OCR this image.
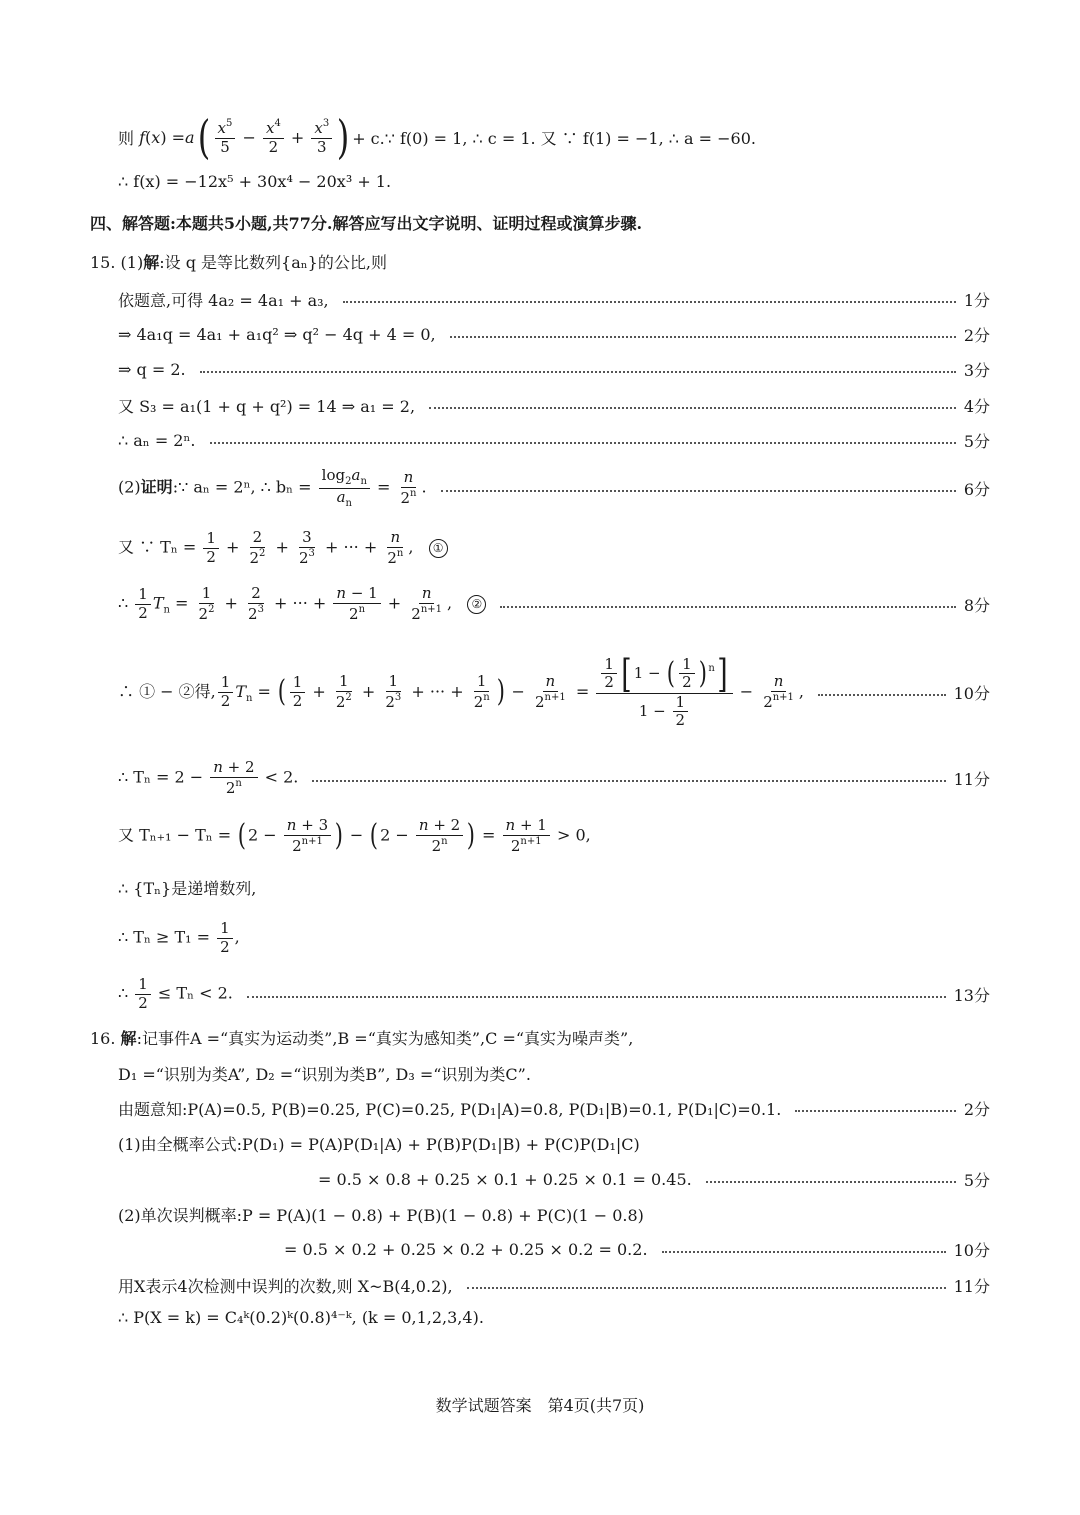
则 f ( x ) = a ( $\frac{x^5}{5} - \frac{x^4}{2} + \frac{x^3}{3}$ ) + c.∵ f(0) = 1, ∴ c = 1. 又 ∵ f(1) = −1, ∴ a = −60.
∴ f(x) = −12x⁵ + 30x⁴ − 20x³ + 1.
四、解答题:本题共5小题,共77分.解答应写出文字说明、证明过程或演算步骤.
15. (1)解:设 q 是等比数列{aₙ}的公比,则
依题意,可得 4a₂ = 4a₁ + a₃,	1分
⇒ 4a₁q = 4a₁ + a₁q² ⇒ q² − 4q + 4 = 0,	2分
⇒ q = 2.	3分
又 S₃ = a₁(1 + q + q²) = 14 ⇒ a₁ = 2,	4分
∴ aₙ = 2ⁿ.	5分
(2)证明:∵ aₙ = 2ⁿ, ∴ $b_n = \frac{\log_2a_n}{a_n} = \frac{n}{2^n}$ .	6分
又 ∵ $T_n = \frac{1}{2} + \frac{2}{2^2} + \frac{3}{2^3}$ + ··· + $\frac{n}{2^n}$ ,   ①
∴ $\frac{1}{2} T_n = \frac{1}{2^2} + \frac{2}{2^3}$ + ··· + $\frac{n - 1}{2^n} + \frac{n}{2^{n+1}}$ ,   ②	8分
∴ ① − ②得, $\frac{1}{2} T_n$ = ( $\frac{1}{2} + \frac{1}{2^2} + \frac{1}{2^3}$ + ··· + $\frac{1}{2^n}$ ) − $\frac{n}{2^{n+1}} = \frac{\frac{1}{2} [ 1 - ( \frac{1}{2} ) ^n]}{1 - \frac{1}{2}} - \frac{n}{2^{n+1}}$ ,	10分
∴ $T_n = 2 - \frac{n + 2}{2^n} < 2$.	11分
又 Tₙ₊₁ − Tₙ = ( $2 - \frac{n + 3}{2^{n+1}}$ ) − ( $2 - \frac{n + 2}{2^n}$ ) = $\frac{n + 1}{2^{n+1}} > 0$,
∴ {Tₙ}是递增数列,
∴ $T_n \ge T_1 = \frac{1}{2}$ ,
∴ $\frac{1}{2} \le T_n < 2$.	13分
16. 解:记事件A =“真实为运动类”,B =“真实为感知类”,C =“真实为噪声类”,
D₁ =“识别为类A”, D₂ =“识别为类B”, D₃ =“识别为类C”.
由题意知:P(A)=0.5, P(B)=0.25, P(C)=0.25, P(D₁|A)=0.8, P(D₁|B)=0.1, P(D₁|C)=0.1.	2分
(1)由全概率公式:P(D₁) = P(A)P(D₁|A) + P(B)P(D₁|B) + P(C)P(D₁|C)
= 0.5 × 0.8 + 0.25 × 0.1 + 0.25 × 0.1 = 0.45.	5分
(2)单次误判概率:P = P(A)(1 − 0.8) + P(B)(1 − 0.8) + P(C)(1 − 0.8)
= 0.5 × 0.2 + 0.25 × 0.2 + 0.25 × 0.2 = 0.2.	10分
用X表示4次检测中误判的次数,则 X~B(4,0.2),	11分
∴ P(X = k) = C₄ᵏ(0.2)ᵏ(0.8)⁴⁻ᵏ, (k = 0,1,2,3,4).
数学试题答案　第4页(共7页)
